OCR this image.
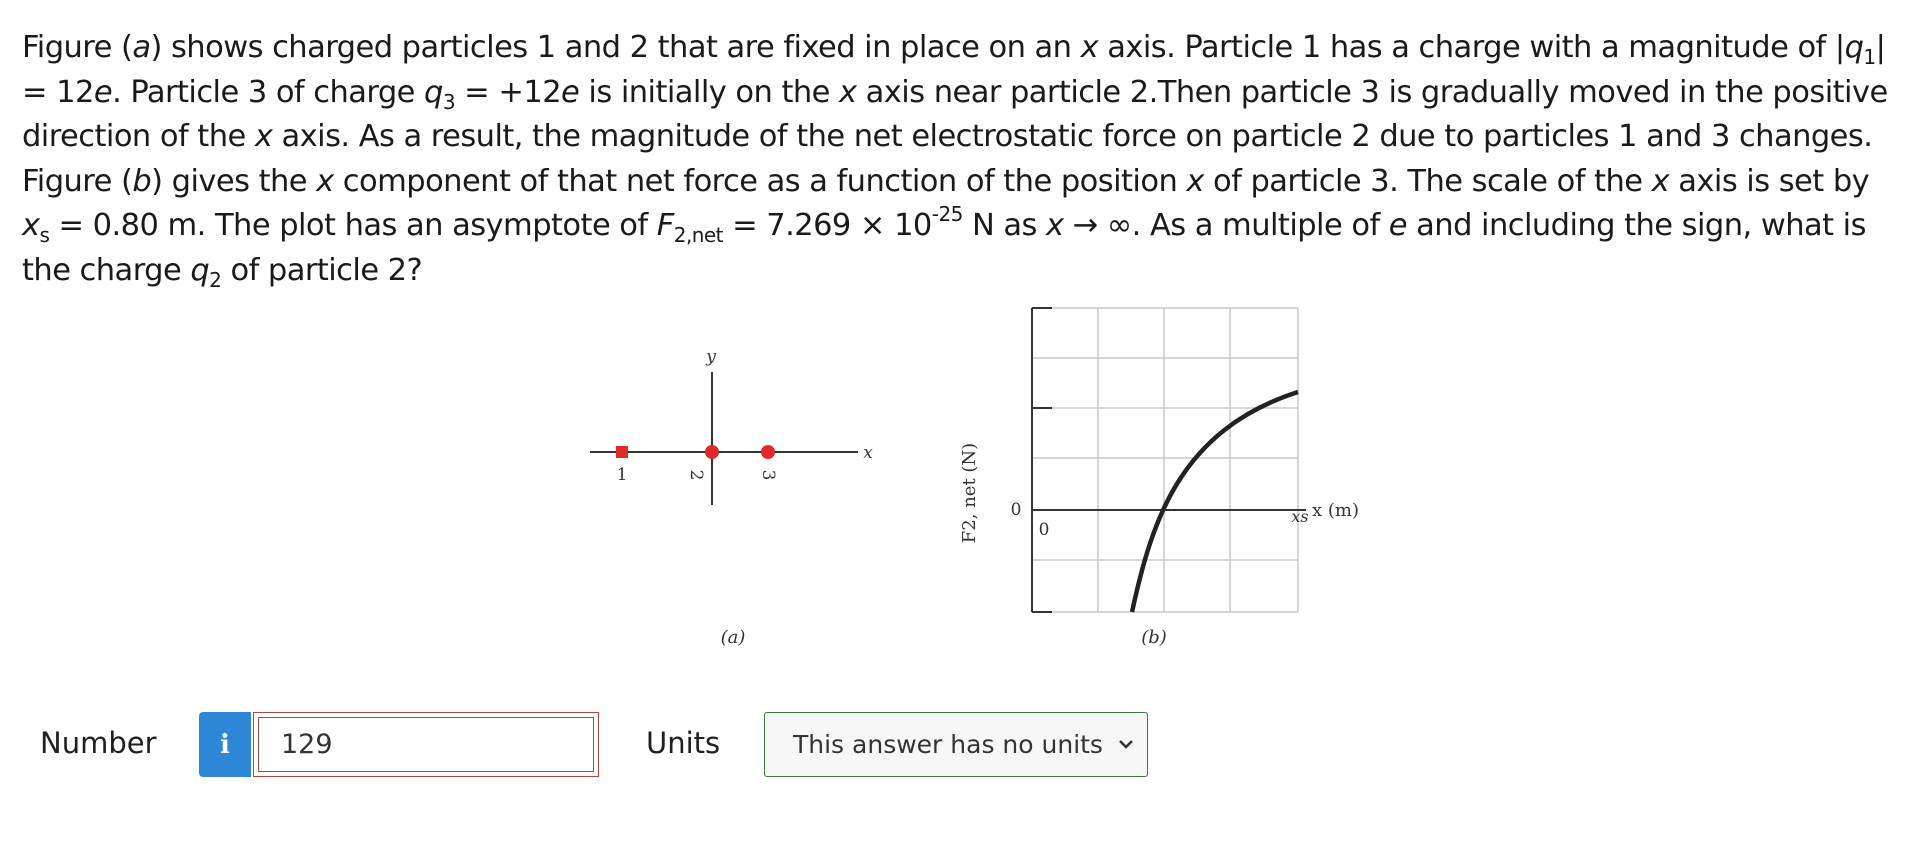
Figure (a) shows charged particles 1 and 2 that are fixed in place on an x axis. Particle 1 has a charge with a magnitude of $|q_1| = 12e$. Particle 3 of charge $q_3 = +12e$ is initially on the x axis near particle 2.Then particle 3 is gradually moved in the positive direction of the x axis. As a result, the magnitude of the net electrostatic force on particle 2 due to particles 1 and 3 changes. Figure (b) gives the x component of that net force as a function of the position x of particle 3. The scale of the x axis is set by $x_s = 0.80$ m. The plot has an asymptote of $F_{2,net} = 7.269 \times 10^{-25}$ N as x → ∞. As a multiple of e and including the sign, what is the charge $q_2$ of particle 2?

y
x
1	2	3
(a)
0
0
xs x (m)
F2, net (N)
(b)
Number	i	129	Units	This answer has no units
